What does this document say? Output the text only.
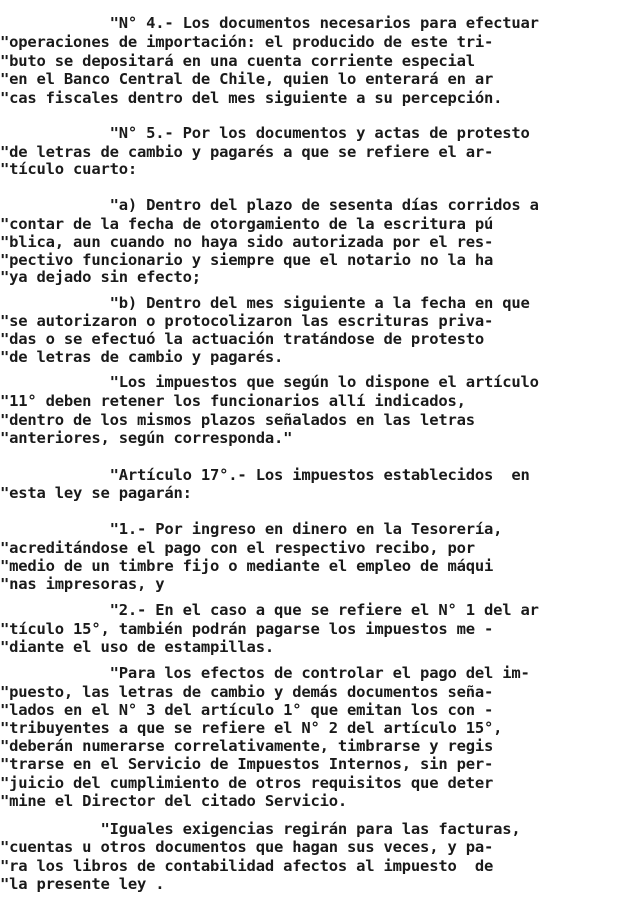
"N° 4.- Los documentos necesarios para efectuar
"operaciones de importación: el producido de este tri-
"buto se depositará en una cuenta corriente especial
"en el Banco Central de Chile, quien lo enterará en ar
"cas fiscales dentro del mes siguiente a su percepción.
"N° 5.- Por los documentos y actas de protesto
"de letras de cambio y pagarés a que se refiere el ar-
"tículo cuarto:
"a) Dentro del plazo de sesenta días corridos a
"contar de la fecha de otorgamiento de la escritura pú
"blica, aun cuando no haya sido autorizada por el res-
"pectivo funcionario y siempre que el notario no la ha
"ya dejado sin efecto;
"b) Dentro del mes siguiente a la fecha en que
"se autorizaron o protocolizaron las escrituras priva-
"das o se efectuó la actuación tratándose de protesto
"de letras de cambio y pagarés.
"Los impuestos que según lo dispone el artículo
"11° deben retener los funcionarios allí indicados,
"dentro de los mismos plazos señalados en las letras
"anteriores, según corresponda."
"Artículo 17°.- Los impuestos establecidos  en
"esta ley se pagarán:
"1.- Por ingreso en dinero en la Tesorería,
"acreditándose el pago con el respectivo recibo, por
"medio de un timbre fijo o mediante el empleo de máqui
"nas impresoras, y
"2.- En el caso a que se refiere el N° 1 del ar
"tículo 15°, también podrán pagarse los impuestos me -
"diante el uso de estampillas.
"Para los efectos de controlar el pago del im-
"puesto, las letras de cambio y demás documentos seña-
"lados en el N° 3 del artículo 1° que emitan los con -
"tribuyentes a que se refiere el N° 2 del artículo 15°,
"deberán numerarse correlativamente, timbrarse y regis
"trarse en el Servicio de Impuestos Internos, sin per-
"juicio del cumplimiento de otros requisitos que deter
"mine el Director del citado Servicio.
"Iguales exigencias regirán para las facturas,
"cuentas u otros documentos que hagan sus veces, y pa-
"ra los libros de contabilidad afectos al impuesto  de
"la presente ley .
